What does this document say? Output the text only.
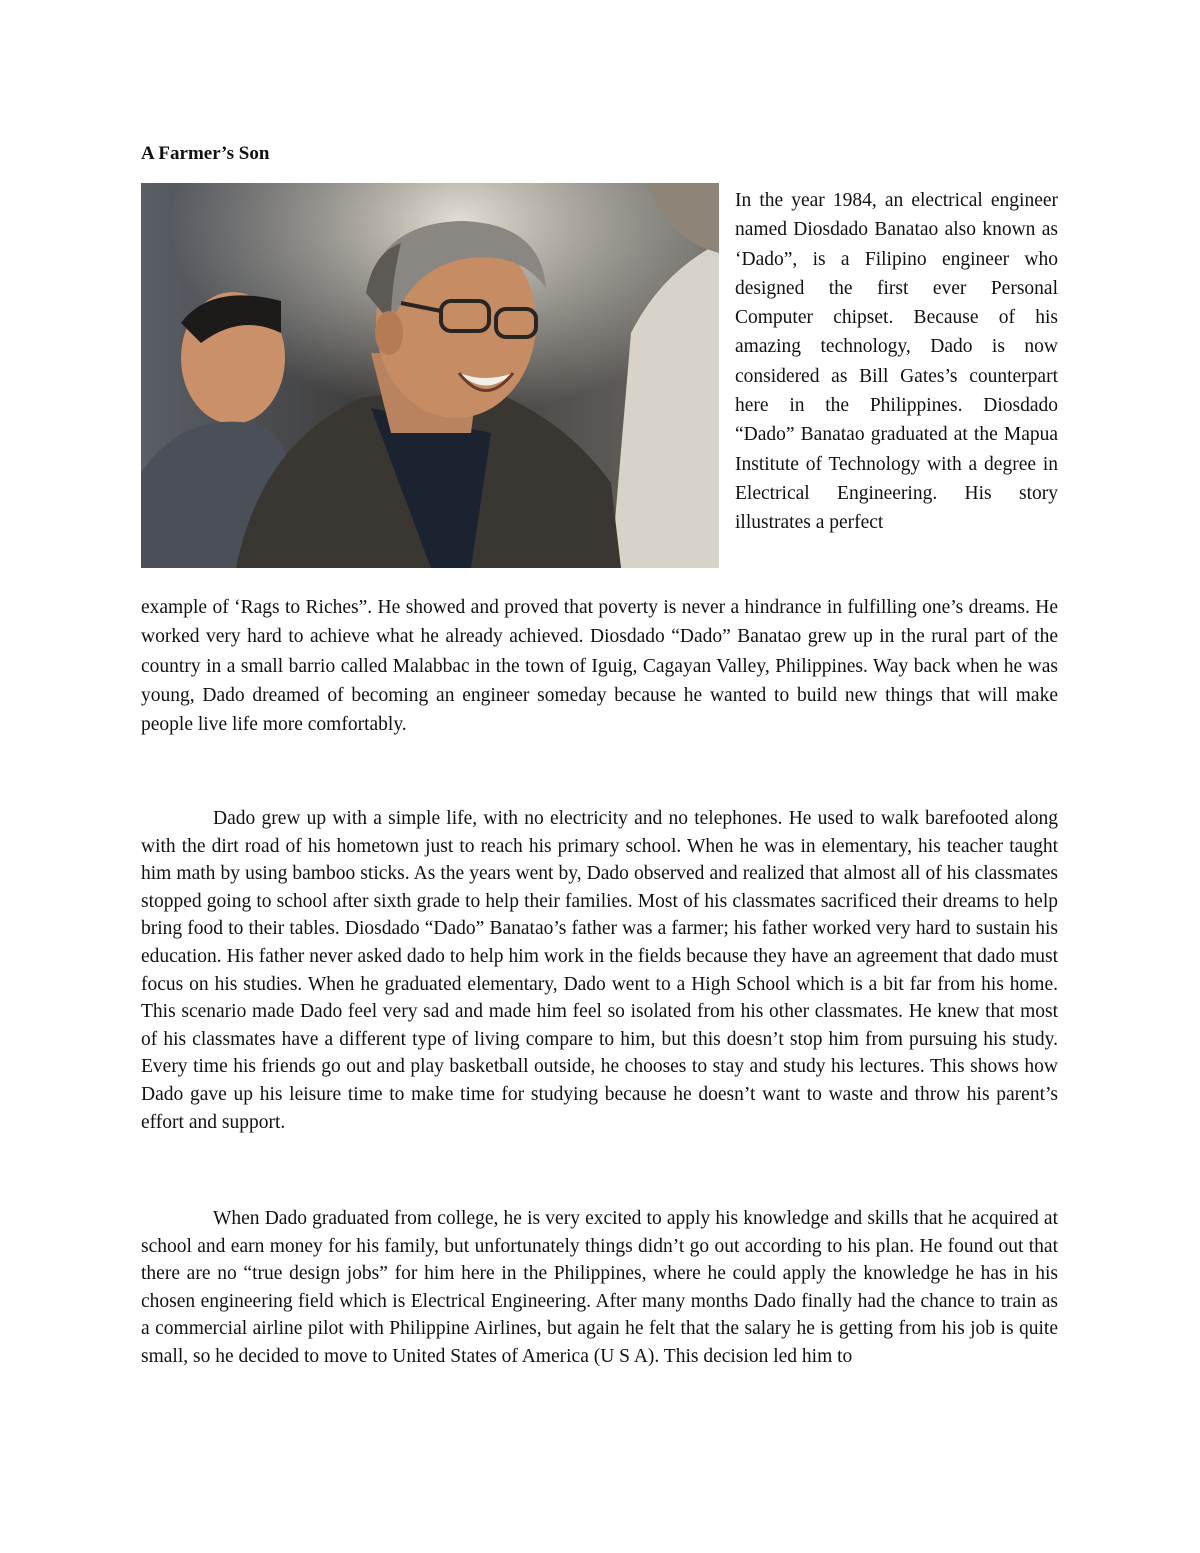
A Farmer’s Son

In the year 1984, an electrical engineer named Diosdado Banatao also known as ‘Dado”, is a Filipino engineer who designed the first ever Personal Computer chipset. Because of his amazing technology, Dado is now considered as Bill Gates’s counterpart here in the Philippines. Diosdado “Dado” Banatao graduated at the Mapua Institute of Technology with a degree in Electrical Engineering. His story illustrates a perfect

example of ‘Rags to Riches”. He showed and proved that poverty is never a hindrance in fulfilling one’s dreams. He worked very hard to achieve what he already achieved. Diosdado “Dado” Banatao grew up in the rural part of the country in a small barrio called Malabbac in the town of Iguig, Cagayan Valley, Philippines. Way back when he was young, Dado dreamed of becoming an engineer someday because he wanted to build new things that will make people live life more comfortably.

Dado grew up with a simple life, with no electricity and no telephones. He used to walk barefooted along with the dirt road of his hometown just to reach his primary school. When he was in elementary, his teacher taught him math by using bamboo sticks. As the years went by, Dado observed and realized that almost all of his classmates stopped going to school after sixth grade to help their families. Most of his classmates sacrificed their dreams to help bring food to their tables. Diosdado “Dado” Banatao’s father was a farmer; his father worked very hard to sustain his education. His father never asked dado to help him work in the fields because they have an agreement that dado must focus on his studies. When he graduated elementary, Dado went to a High School which is a bit far from his home. This scenario made Dado feel very sad and made him feel so isolated from his other classmates. He knew that most of his classmates have a different type of living compare to him, but this doesn’t stop him from pursuing his study. Every time his friends go out and play basketball outside, he chooses to stay and study his lectures. This shows how Dado gave up his leisure time to make time for studying because he doesn’t want to waste and throw his parent’s effort and support.

When Dado graduated from college, he is very excited to apply his knowledge and skills that he acquired at school and earn money for his family, but unfortunately things didn’t go out according to his plan. He found out that there are no “true design jobs” for him here in the Philippines, where he could apply the knowledge he has in his chosen engineering field which is Electrical Engineering. After many months Dado finally had the chance to train as a commercial airline pilot with Philippine Airlines, but again he felt that the salary he is getting from his job is quite small, so he decided to move to United States of America (U S A). This decision led him to
